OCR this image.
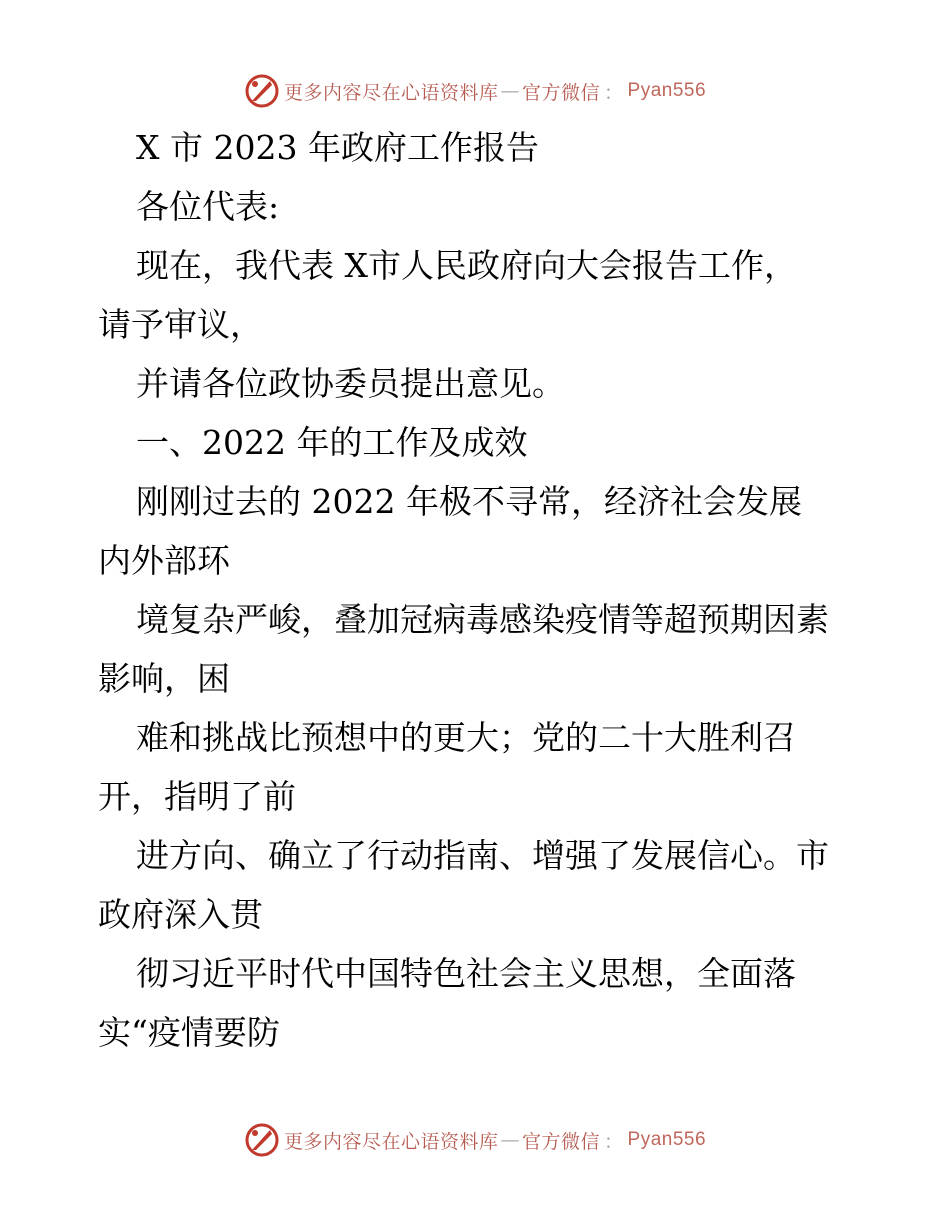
更多内容尽在心语资料库 — 官方微信 ： Pyan556

X 市 2023 年政府工作报告

各位代表:

现在，我代表 X市人民政府向大会报告工作，

请予审议，

并请各位政协委员提出意见。

一、2022 年的工作及成效

刚刚过去的 2022 年极不寻常，经济社会发展

内外部环

境复杂严峻，叠加冠病毒感染疫情等超预期因素

影响，困

难和挑战比预想中的更大；党的二十大胜利召

开，指明了前

进方向、确立了行动指南、增强了发展信心。市

政府深入贯

彻习近平时代中国特色社会主义思想，全面落

实“疫情要防

更多内容尽在心语资料库 — 官方微信 ： Pyan556
